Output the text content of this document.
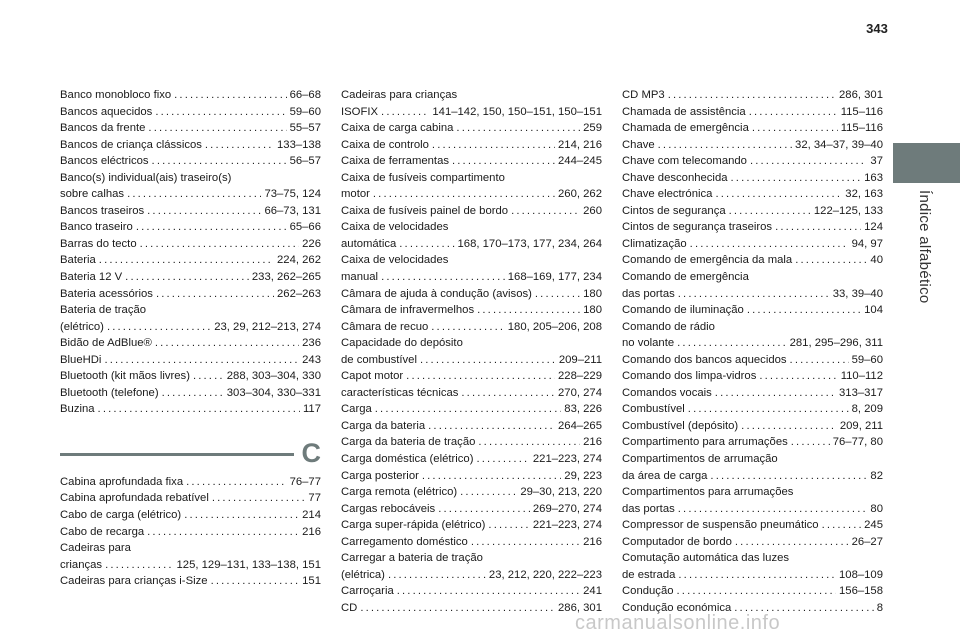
343
Índice alfabético
Banco monobloco fixo . . .	66–68
Bancos aquecidos . . .	59–60
Bancos da frente . . .	55–57
Bancos de criança clássicos . . .	133–138
Bancos eléctricos . . .	56–57
Banco(s) individual(ais) traseiro(s)
sobre calhas . . .	73–75, 124
Bancos traseiros . . .	66–73, 131
Banco traseiro . . .	65–66
Barras do tecto . . .	226
Bateria . . .	224, 262
Bateria 12 V . . .	233, 262–265
Bateria acessórios . . .	262–263
Bateria de tração
(elétrico) . . .	23, 29, 212–213, 274
Bidão de AdBlue® . . .	236
BlueHDi . . .	243
Bluetooth (kit mãos livres) . . .	288, 303–304, 330
Bluetooth (telefone) . . .	303–304, 330–331
Buzina . . .	117
C
Cabina aprofundada fixa . . .	76–77
Cabina aprofundada rebatível . . .	77
Cabo de carga (elétrico) . . .	214
Cabo de recarga . . .	216
Cadeiras para
crianças . . .	125, 129–131, 133–138, 151
Cadeiras para crianças i-Size . . .	151
Cadeiras para crianças
ISOFIX . . .	141–142, 150, 150–151, 150–151
Caixa de carga cabina . . .	259
Caixa de controlo . . .	214, 216
Caixa de ferramentas . . .	244–245
Caixa de fusíveis compartimento
motor . . .	260, 262
Caixa de fusíveis painel de bordo . . .	260
Caixa de velocidades
automática . . .	168, 170–173, 177, 234, 264
Caixa de velocidades
manual . . .	168–169, 177, 234
Câmara de ajuda à condução (avisos) . . .	180
Câmara de infravermelhos . . .	180
Câmara de recuo . . .	180, 205–206, 208
Capacidade do depósito
de combustível . . .	209–211
Capot motor . . .	228–229
características técnicas . . .	270, 274
Carga . . .	83, 226
Carga da bateria . . .	264–265
Carga da bateria de tração . . .	216
Carga doméstica (elétrico) . . .	221–223, 274
Carga posterior . . .	29, 223
Carga remota (elétrico) . . .	29–30, 213, 220
Cargas rebocáveis . . .	269–270, 274
Carga super-rápida (elétrico) . . .	221–223, 274
Carregamento doméstico . . .	216
Carregar a bateria de tração
(elétrica) . . .	23, 212, 220, 222–223
Carroçaria . . .	241
CD . . .	286, 301
CD MP3 . . .	286, 301
Chamada de assistência . . .	115–116
Chamada de emergência . . .	115–116
Chave . . .	32, 34–37, 39–40
Chave com telecomando . . .	37
Chave desconhecida . . .	163
Chave electrónica . . .	32, 163
Cintos de segurança . . .	122–125, 133
Cintos de segurança traseiros . . .	124
Climatização . . .	94, 97
Comando de emergência da mala . . .	40
Comando de emergência
das portas . . .	33, 39–40
Comando de iluminação . . .	104
Comando de rádio
no volante . . .	281, 295–296, 311
Comando dos bancos aquecidos . . .	59–60
Comando dos limpa-vidros . . .	110–112
Comandos vocais . . .	313–317
Combustível . . .	8, 209
Combustível (depósito) . . .	209, 211
Compartimento para arrumações . . .	76–77, 80
Compartimentos de arrumação
da área de carga . . .	82
Compartimentos para arrumações
das portas . . .	80
Compressor de suspensão pneumático . . .	245
Computador de bordo . . .	26–27
Comutação automática das luzes
de estrada . . .	108–109
Condução . . .	156–158
Condução económica . . .	8
carmanualsonline.info
